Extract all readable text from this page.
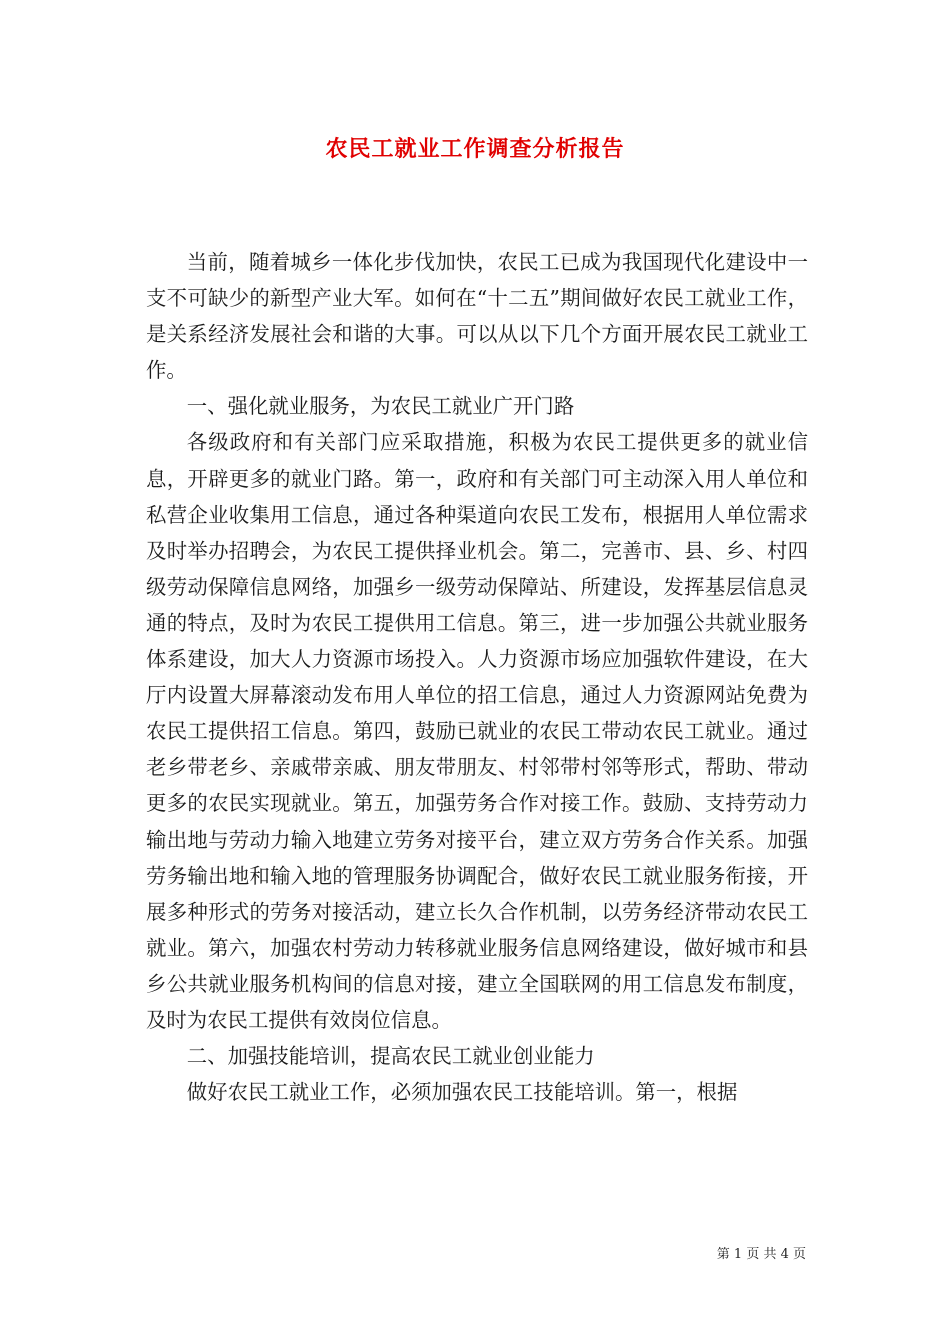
农民工就业工作调查分析报告

当前，随着城乡一体化步伐加快，农民工已成为我国现代化建设中一支不可缺少的新型产业大军。如何在“十二五”期间做好农民工就业工作，是关系经济发展社会和谐的大事。可以从以下几个方面开展农民工就业工作。

一、强化就业服务，为农民工就业广开门路

各级政府和有关部门应采取措施，积极为农民工提供更多的就业信息，开辟更多的就业门路。第一，政府和有关部门可主动深入用人单位和私营企业收集用工信息，通过各种渠道向农民工发布，根据用人单位需求及时举办招聘会，为农民工提供择业机会。第二，完善市、县、乡、村四级劳动保障信息网络，加强乡一级劳动保障站、所建设，发挥基层信息灵通的特点，及时为农民工提供用工信息。第三，进一步加强公共就业服务体系建设，加大人力资源市场投入。人力资源市场应加强软件建设，在大厅内设置大屏幕滚动发布用人单位的招工信息，通过人力资源网站免费为农民工提供招工信息。第四，鼓励已就业的农民工带动农民工就业。通过老乡带老乡、亲戚带亲戚、朋友带朋友、村邻带村邻等形式，帮助、带动更多的农民实现就业。第五，加强劳务合作对接工作。鼓励、支持劳动力输出地与劳动力输入地建立劳务对接平台，建立双方劳务合作关系。加强劳务输出地和输入地的管理服务协调配合，做好农民工就业服务衔接，开展多种形式的劳务对接活动，建立长久合作机制，以劳务经济带动农民工就业。第六，加强农村劳动力转移就业服务信息网络建设，做好城市和县乡公共就业服务机构间的信息对接，建立全国联网的用工信息发布制度，及时为农民工提供有效岗位信息。

二、加强技能培训，提高农民工就业创业能力

做好农民工就业工作，必须加强农民工技能培训。第一，根据

第 1 页 共 4 页
